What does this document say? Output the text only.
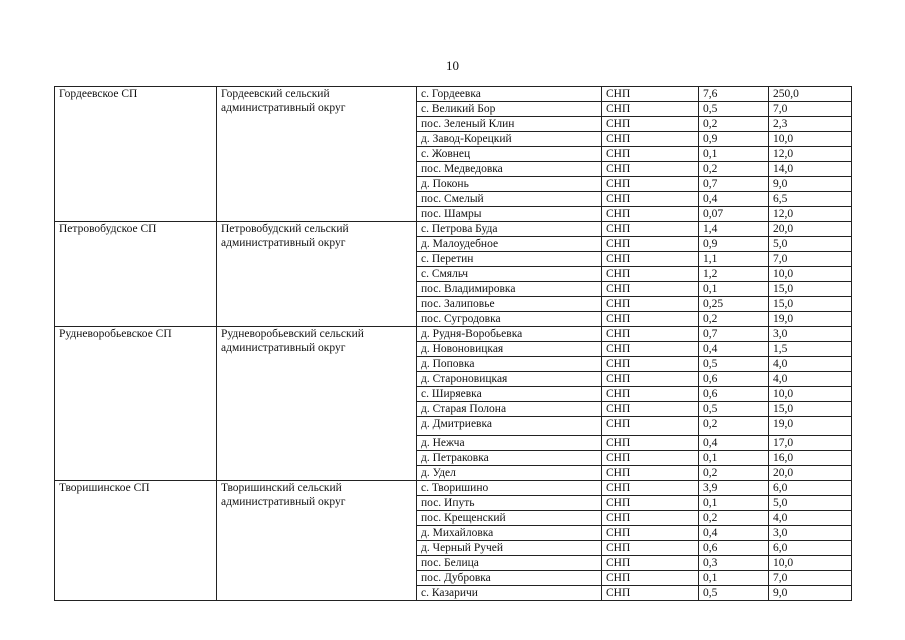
10
Гордеевское СП	Гордеевский сельский административный округ	с. Гордеевка	СНП	7,6	250,0
		с. Великий Бор	СНП	0,5	7,0
		пос. Зеленый Клин	СНП	0,2	2,3
		д. Завод-Корецкий	СНП	0,9	10,0
		с. Жовнец	СНП	0,1	12,0
		пос. Медведовка	СНП	0,2	14,0
		д. Поконь	СНП	0,7	9,0
		пос. Смелый	СНП	0,4	6,5
		пос. Шамры	СНП	0,07	12,0
Петровобудское СП	Петровобудский сельский административный округ	с. Петрова Буда	СНП	1,4	20,0
		д. Малоудебное	СНП	0,9	5,0
		с. Перетин	СНП	1,1	7,0
		с. Смяльч	СНП	1,2	10,0
		пос. Владимировка	СНП	0,1	15,0
		пос. Залиповье	СНП	0,25	15,0
		пос. Сугродовка	СНП	0,2	19,0
Рудневоробьевское СП	Рудневоробьевский сельский административный округ	д. Рудня-Воробьевка	СНП	0,7	3,0
		д. Новоновицкая	СНП	0,4	1,5
		д. Поповка	СНП	0,5	4,0
		д. Староновицкая	СНП	0,6	4,0
		с. Ширяевка	СНП	0,6	10,0
		д. Старая Полона	СНП	0,5	15,0
		д. Дмитриевка	СНП	0,2	19,0
		д. Нежча	СНП	0,4	17,0
		д. Петраковка	СНП	0,1	16,0
		д. Удел	СНП	0,2	20,0
Творишинское СП	Творишинский сельский административный округ	с. Творишино	СНП	3,9	6,0
		пос. Ипуть	СНП	0,1	5,0
		пос. Крещенский	СНП	0,2	4,0
		д. Михайловка	СНП	0,4	3,0
		д. Черный Ручей	СНП	0,6	6,0
		пос. Белица	СНП	0,3	10,0
		пос. Дубровка	СНП	0,1	7,0
		с. Казаричи	СНП	0,5	9,0
